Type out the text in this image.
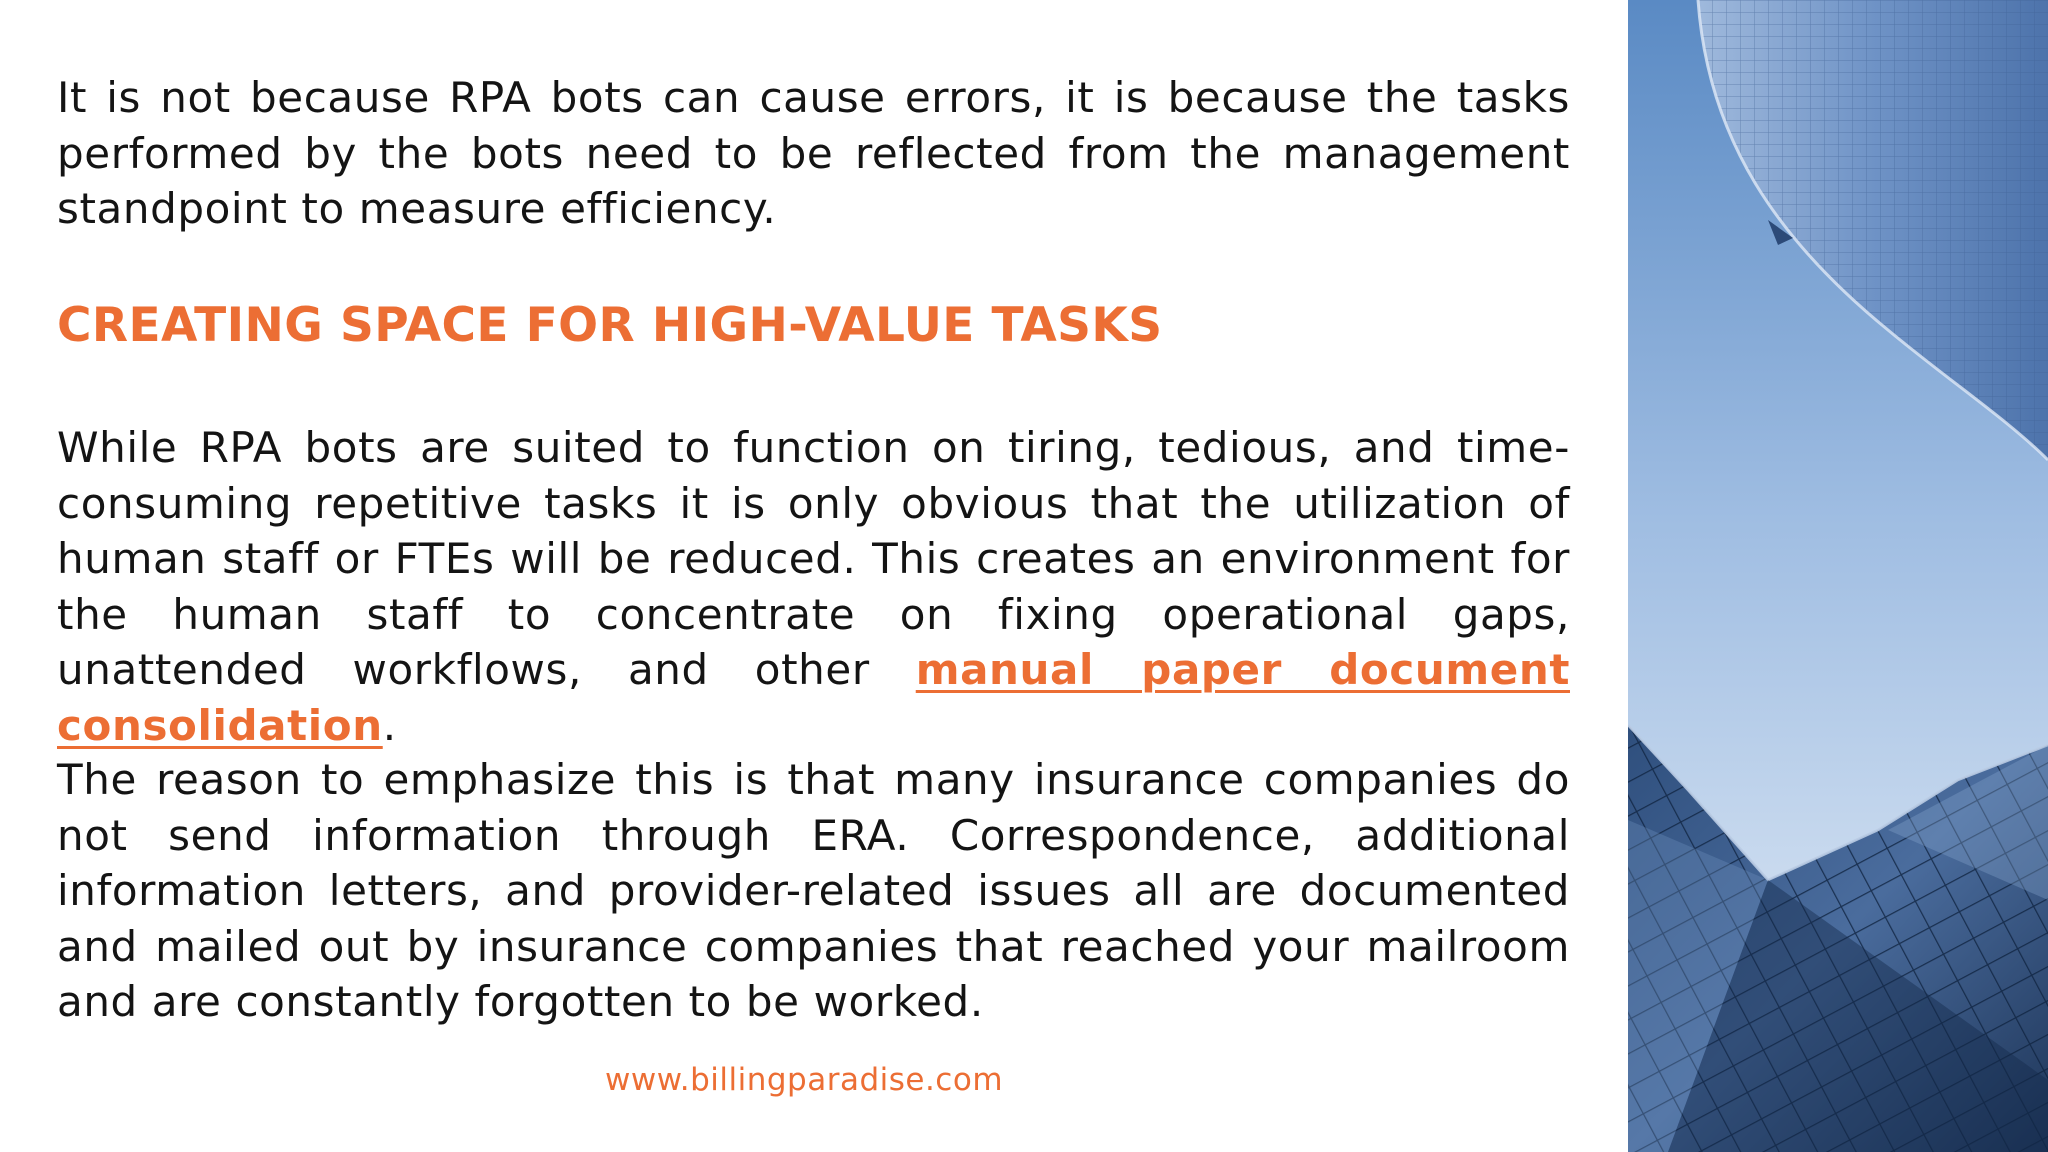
It is not because RPA bots can cause errors, it is because the tasks performed by the bots need to be reflected from the management standpoint to measure efficiency.

CREATING SPACE FOR HIGH-VALUE TASKS

While RPA bots are suited to function on tiring, tedious, and time-consuming repetitive tasks it is only obvious that the utilization of human staff or FTEs will be reduced. This creates an environment for the human staff to concentrate on fixing operational gaps, unattended workflows, and other manual paper document consolidation.

The reason to emphasize this is that many insurance companies do not send information through ERA. Correspondence, additional information letters, and provider-related issues all are documented and mailed out by insurance companies that reached your mailroom and are constantly forgotten to be worked.

www.billingparadise.com
